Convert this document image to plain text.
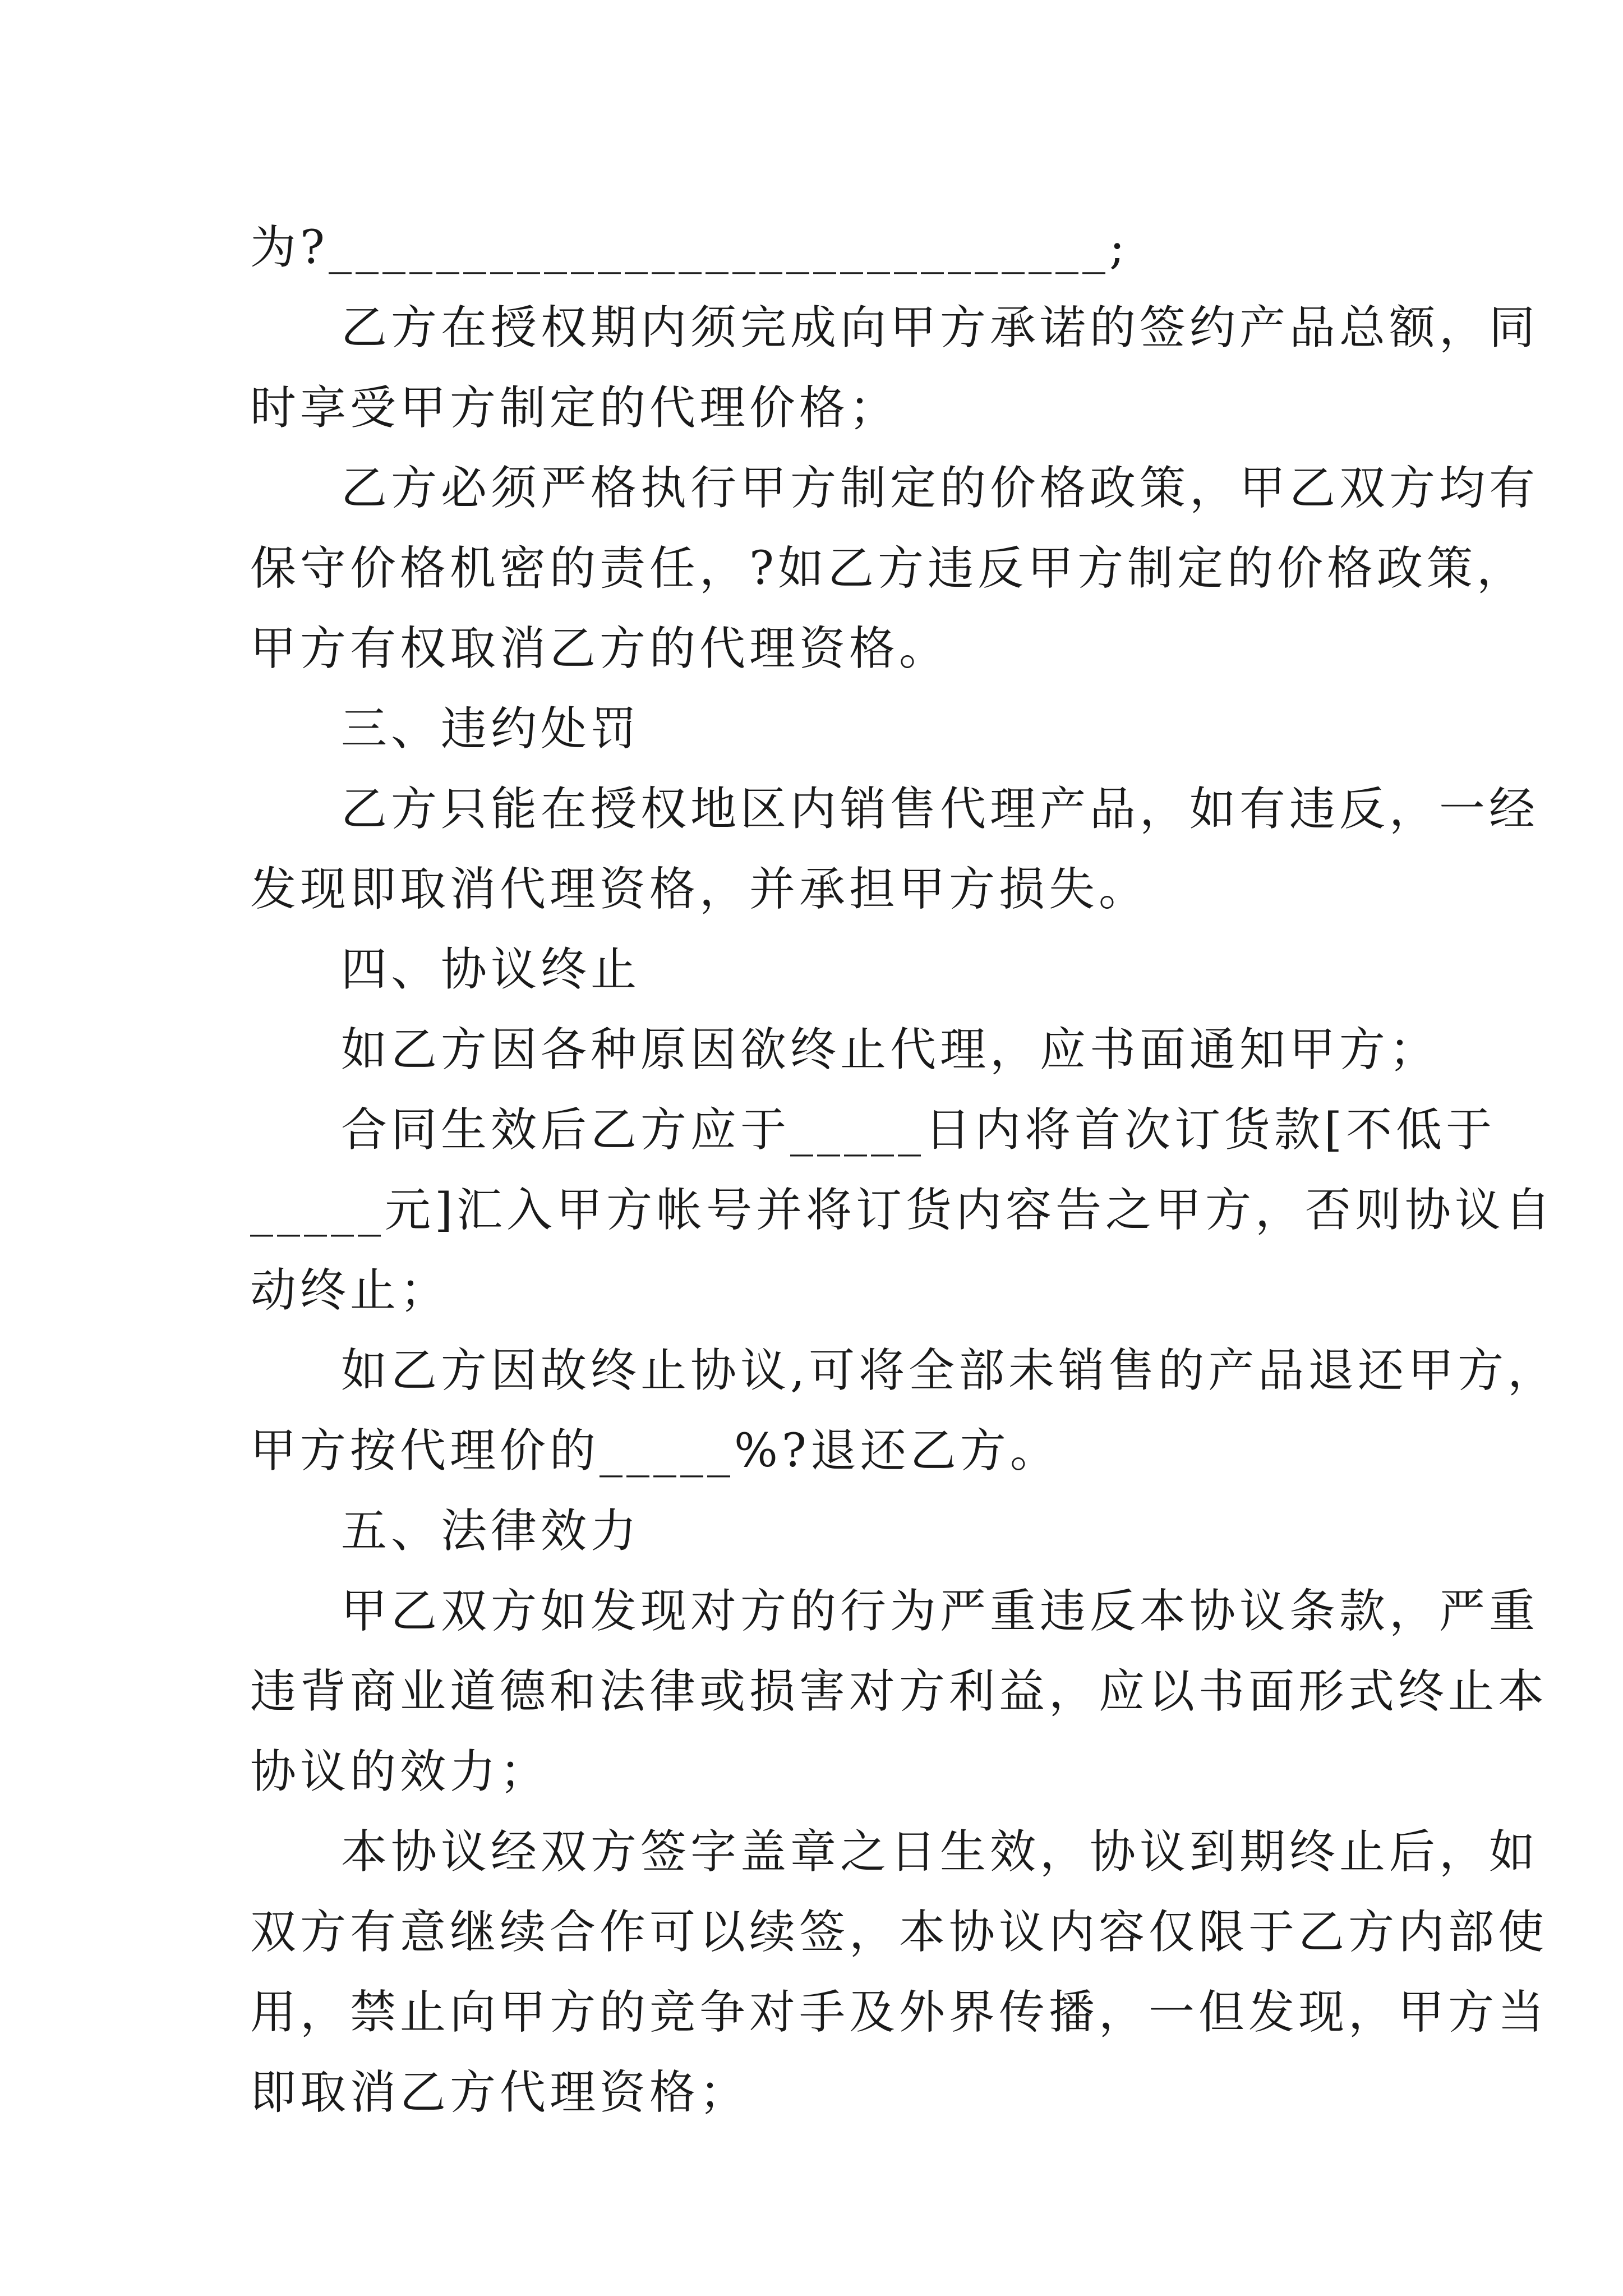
为?_____________________________;
乙方在授权期内须完成向甲方承诺的签约产品总额，同
时享受甲方制定的代理价格；
乙方必须严格执行甲方制定的价格政策，甲乙双方均有
保守价格机密的责任，?如乙方违反甲方制定的价格政策，
甲方有权取消乙方的代理资格。
三、违约处罚
乙方只能在授权地区内销售代理产品，如有违反，一经
发现即取消代理资格，并承担甲方损失。
四、协议终止
如乙方因各种原因欲终止代理，应书面通知甲方；
合同生效后乙方应于_____日内将首次订货款[不低于
_____元]汇入甲方帐号并将订货内容告之甲方，否则协议自
动终止；
如乙方因故终止协议,可将全部未销售的产品退还甲方，
甲方按代理价的_____%?退还乙方。
五、法律效力
甲乙双方如发现对方的行为严重违反本协议条款，严重
违背商业道德和法律或损害对方利益，应以书面形式终止本
协议的效力；
本协议经双方签字盖章之日生效，协议到期终止后，如
双方有意继续合作可以续签，本协议内容仅限于乙方内部使
用，禁止向甲方的竞争对手及外界传播，一但发现，甲方当
即取消乙方代理资格；
